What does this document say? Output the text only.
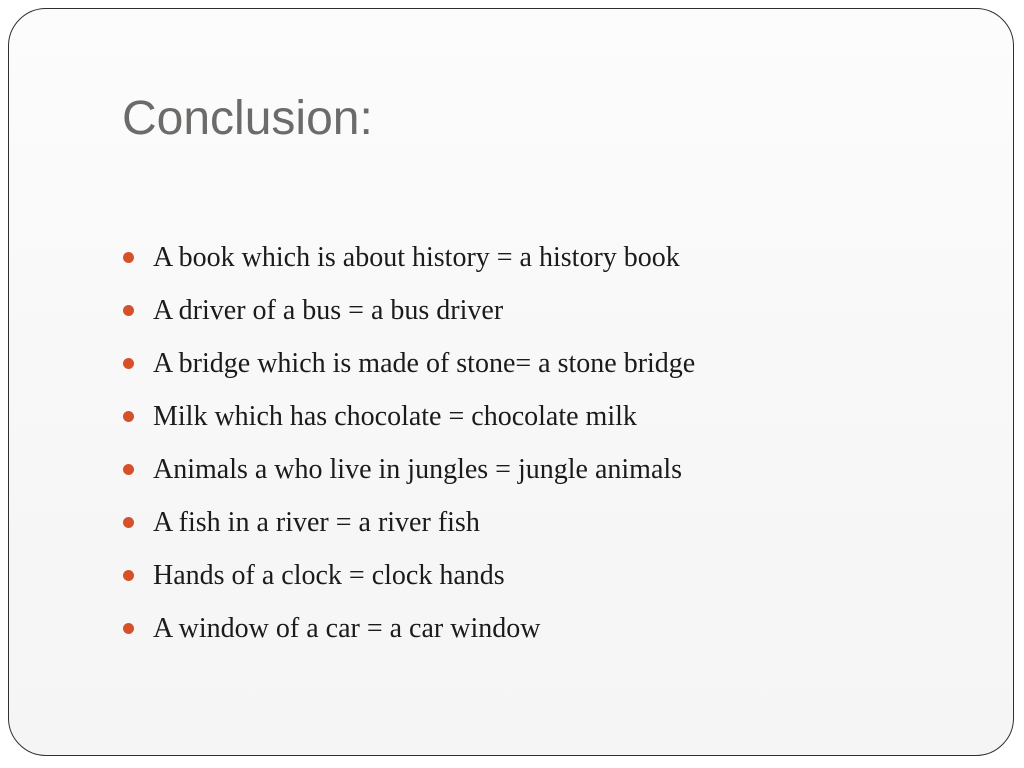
Conclusion:
A book which is about history = a history book
A driver of a bus = a bus driver
A bridge which is made of stone= a stone bridge
Milk which has chocolate = chocolate milk
Animals a who live in jungles = jungle animals
A fish in a river = a river fish
Hands of a clock = clock hands
A window of a car = a car window
